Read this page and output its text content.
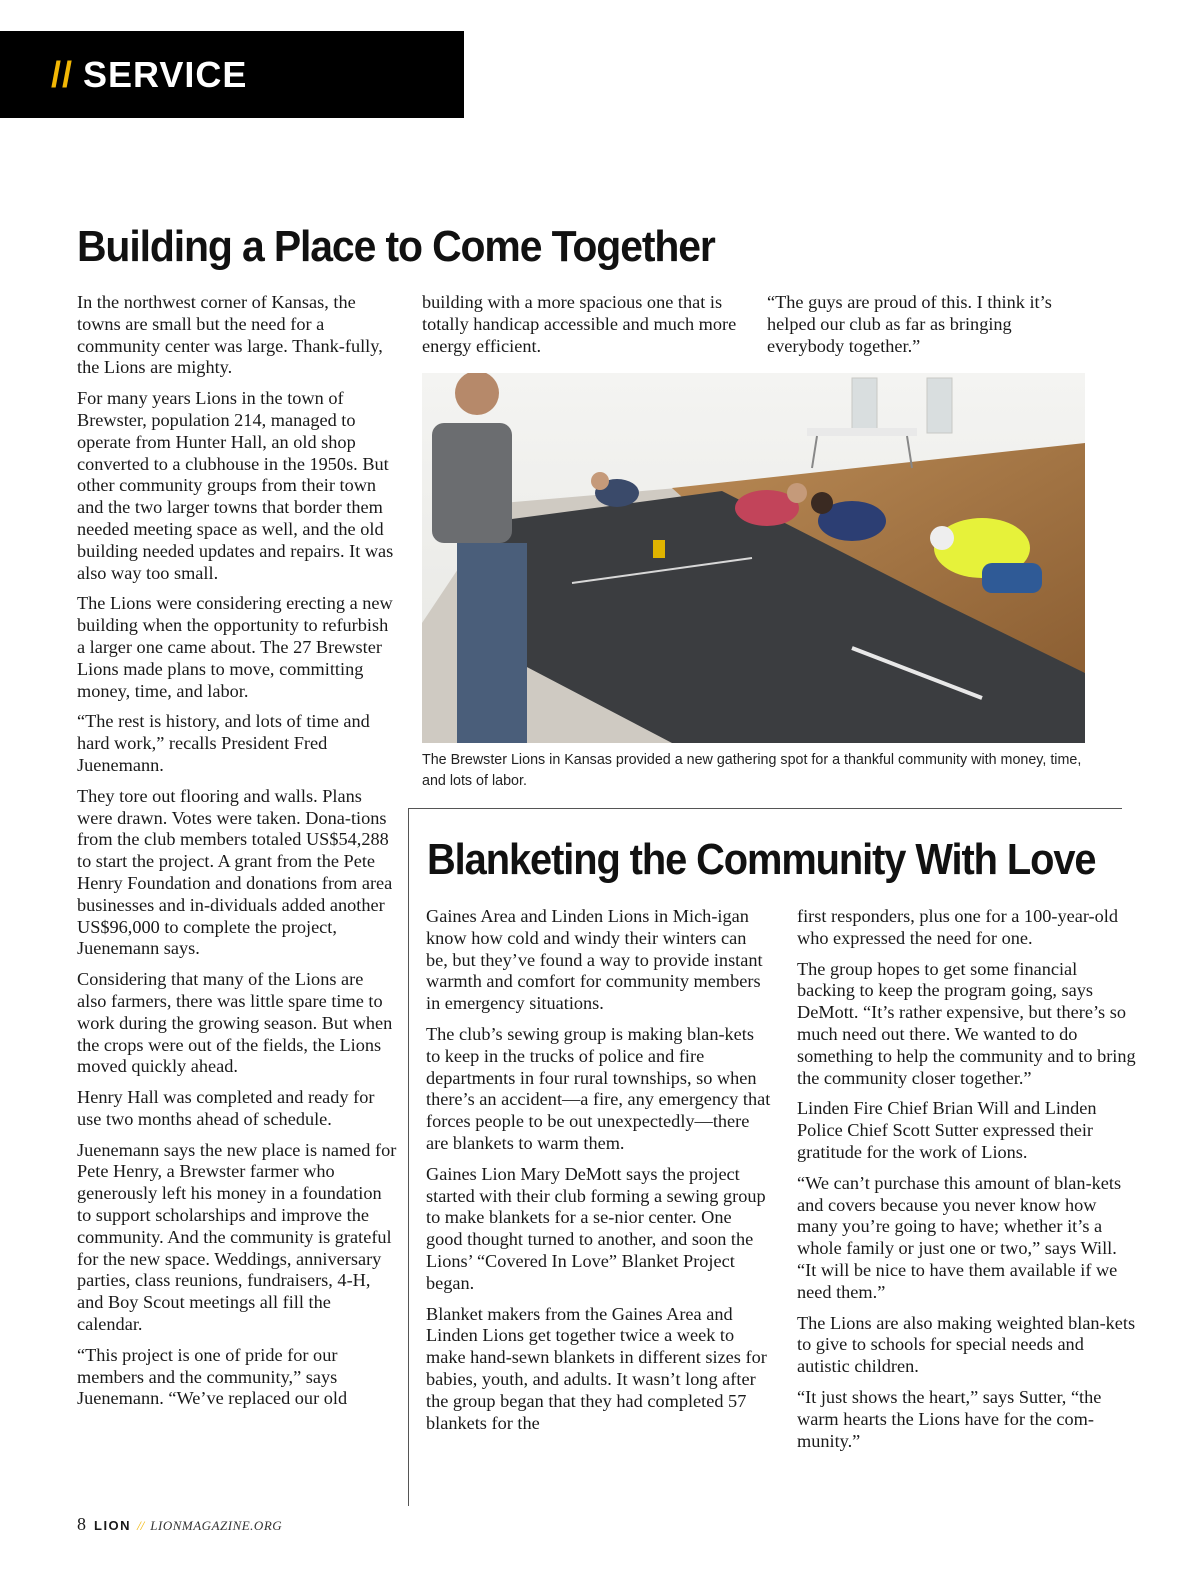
// SERVICE
Building a Place to Come Together

In the northwest corner of Kansas, the towns are small but the need for a community center was large. Thank-fully, the Lions are mighty.

For many years Lions in the town of Brewster, population 214, managed to operate from Hunter Hall, an old shop converted to a clubhouse in the 1950s. But other community groups from their town and the two larger towns that border them needed meeting space as well, and the old building needed updates and repairs. It was also way too small.

The Lions were considering erecting a new building when the opportunity to refurbish a larger one came about. The 27 Brewster Lions made plans to move, committing money, time, and labor.

“The rest is history, and lots of time and hard work,” recalls President Fred Juenemann.

They tore out flooring and walls. Plans were drawn. Votes were taken. Dona-tions from the club members totaled US$54,288 to start the project. A grant from the Pete Henry Foundation and donations from area businesses and in-dividuals added another US$96,000 to complete the project, Juenemann says.

Considering that many of the Lions are also farmers, there was little spare time to work during the growing season. But when the crops were out of the fields, the Lions moved quickly ahead.

Henry Hall was completed and ready for use two months ahead of schedule.

Juenemann says the new place is named for Pete Henry, a Brewster farmer who generously left his money in a foundation to support scholarships and improve the community. And the community is grateful for the new space. Weddings, anniversary parties, class reunions, fundraisers, 4-H, and Boy Scout meetings all fill the calendar.

“This project is one of pride for our members and the community,” says Juenemann. “We’ve replaced our old

building with a more spacious one that is totally handicap accessible and much more energy efficient.

“The guys are proud of this. I think it’s helped our club as far as bringing everybody together.”

The Brewster Lions in Kansas provided a new gathering spot for a thankful community with money, time, and lots of labor.
Blanketing the Community With Love

Gaines Area and Linden Lions in Mich-igan know how cold and windy their winters can be, but they’ve found a way to provide instant warmth and comfort for community members in emergency situations.

The club’s sewing group is making blan-kets to keep in the trucks of police and fire departments in four rural townships, so when there’s an accident—a fire, any emergency that forces people to be out unexpectedly—there are blankets to warm them.

Gaines Lion Mary DeMott says the project started with their club forming a sewing group to make blankets for a se-nior center. One good thought turned to another, and soon the Lions’ “Covered In Love” Blanket Project began.

Blanket makers from the Gaines Area and Linden Lions get together twice a week to make hand-sewn blankets in different sizes for babies, youth, and adults. It wasn’t long after the group began that they had completed 57 blankets for the

first responders, plus one for a 100-year-old who expressed the need for one.

The group hopes to get some financial backing to keep the program going, says DeMott. “It’s rather expensive, but there’s so much need out there. We wanted to do something to help the community and to bring the community closer together.”

Linden Fire Chief Brian Will and Linden Police Chief Scott Sutter expressed their gratitude for the work of Lions.

“We can’t purchase this amount of blan-kets and covers because you never know how many you’re going to have; whether it’s a whole family or just one or two,” says Will. “It will be nice to have them available if we need them.”

The Lions are also making weighted blan-kets to give to schools for special needs and autistic children.

“It just shows the heart,” says Sutter, “the warm hearts the Lions have for the com-munity.”

8 LION // LIONMAGAZINE.ORG
